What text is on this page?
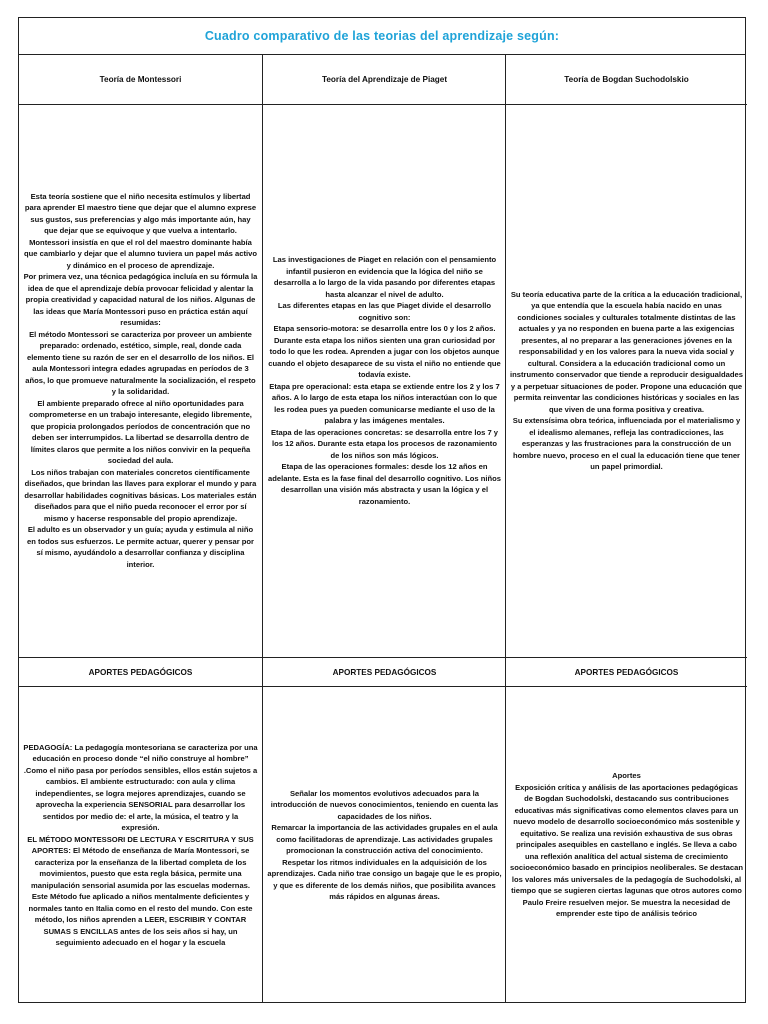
Cuadro comparativo de las teorias del aprendizaje según:
Teoría de Montessori

Esta teoría sostiene que el niño necesita estímulos y libertad para aprender El maestro tiene que dejar que el alumno exprese sus gustos, sus preferencias y algo más importante aún, hay que dejar que se equivoque y que vuelva a intentarlo. Montessori insistía en que el rol del maestro dominante había que cambiarlo y dejar que el alumno tuviera un papel más activo y dinámico en el proceso de aprendizaje.
Por primera vez, una técnica pedagógica incluía en su fórmula la idea de que el aprendizaje debía provocar felicidad y alentar la propia creatividad y capacidad natural de los niños. Algunas de las ideas que María Montessori puso en práctica están aquí resumidas:
El método Montessori se caracteriza por proveer un ambiente preparado: ordenado, estético, simple, real, donde cada elemento tiene su razón de ser en el desarrollo de los niños. El aula Montessori integra edades agrupadas en períodos de 3 años, lo que promueve naturalmente la socialización, el respeto y la solidaridad.
El ambiente preparado ofrece al niño oportunidades para comprometerse en un trabajo interesante, elegido libremente, que propicia prolongados períodos de concentración que no deben ser interrumpidos. La libertad se desarrolla dentro de límites claros que permite a los niños convivir en la pequeña sociedad del aula.
Los niños trabajan con materiales concretos científicamente diseñados, que brindan las llaves para explorar el mundo y para desarrollar habilidades cognitivas básicas. Los materiales están diseñados para que el niño pueda reconocer el error por sí mismo y hacerse responsable del propio aprendizaje.
El adulto es un observador y un guía; ayuda y estimula al niño en todos sus esfuerzos. Le permite actuar, querer y pensar por sí mismo, ayudándolo a desarrollar confianza y disciplina interior.

APORTES PEDAGÓGICOS

PEDAGOGÍA: La pedagogía montesoriana se caracteriza por una educación en proceso donde “el niño construye al hombre” .Como el niño pasa por períodos sensibles, ellos están sujetos a cambios. El ambiente estructurado: con aula y clima independientes, se logra mejores aprendizajes, cuando se aprovecha la experiencia SENSORIAL para desarrollar los sentidos por medio de: el arte, la música, el teatro y la expresión.
EL MÉTODO MONTESSORI DE LECTURA Y ESCRITURA Y SUS APORTES: El Método de enseñanza de María Montessori, se caracteriza por la enseñanza de la libertad completa de los movimientos, puesto que esta regla básica, permite una manipulación sensorial asumida por las escuelas modernas. Este Método fue aplicado a niños mentalmente deficientes y normales tanto en Italia como en el resto del mundo. Con este método, los niños aprenden a LEER, ESCRIBIR Y CONTAR SUMAS S ENCILLAS antes de los seis años si hay, un seguimiento adecuado en el hogar y la escuela

Teoría del Aprendizaje de Piaget

Las investigaciones de Piaget en relación con el pensamiento infantil pusieron en evidencia que la lógica del niño se desarrolla a lo largo de la vida pasando por diferentes etapas hasta alcanzar el nivel de adulto.
Las diferentes etapas en las que Piaget divide el desarrollo cognitivo son:
Etapa sensorio-motora: se desarrolla entre los 0 y los 2 años. Durante esta etapa los niños sienten una gran curiosidad por todo lo que les rodea. Aprenden a jugar con los objetos aunque cuando el objeto desaparece de su vista el niño no entiende que todavía existe.
Etapa pre operacional: esta etapa se extiende entre los 2 y los 7 años. A lo largo de esta etapa los niños interactúan con lo que les rodea pues ya pueden comunicarse mediante el uso de la palabra y las imágenes mentales.
Etapa de las operaciones concretas: se desarrolla entre los 7 y los 12 años. Durante esta etapa los procesos de razonamiento de los niños son más lógicos.
Etapa de las operaciones formales: desde los 12 años en adelante. Esta es la fase final del desarrollo cognitivo. Los niños desarrollan una visión más abstracta y usan la lógica y el razonamiento.

APORTES PEDAGÓGICOS

Señalar los momentos evolutivos adecuados para la introducción de nuevos conocimientos, teniendo en cuenta las capacidades de los niños.
Remarcar la importancia de las actividades grupales en el aula como facilitadoras de aprendizaje. Las actividades grupales promocionan la construcción activa del conocimiento.
Respetar los ritmos individuales en la adquisición de los aprendizajes. Cada niño trae consigo un bagaje que le es propio, y que es diferente de los demás niños, que posibilita avances más rápidos en algunas áreas.

Teoría de Bogdan Suchodolskio

Su teoría educativa parte de la crítica a la educación tradicional, ya que entendía que la escuela había nacido en unas condiciones sociales y culturales totalmente distintas de las actuales y ya no responden en buena parte a las exigencias presentes, al no preparar a las generaciones jóvenes en la responsabilidad y en los valores para la nueva vida social y cultural. Considera a la educación tradicional como un instrumento conservador que tiende a reproducir desigualdades y a perpetuar situaciones de poder. Propone una educación que permita reinventar las condiciones históricas y sociales en las que viven de una forma positiva y creativa.
Su extensísima obra teórica, influenciada por el materialismo y el idealismo alemanes, refleja las contradicciones, las esperanzas y las frustraciones para la construcción de un hombre nuevo, proceso en el cual la educación tiene que tener un papel primordial.

APORTES PEDAGÓGICOS

Aportes
Exposición crítica y análisis de las aportaciones pedagógicas de Bogdan Suchodolski, destacando sus contribuciones educativas más significativas como elementos claves para un nuevo modelo de desarrollo socioeconómico más sostenible y equitativo. Se realiza una revisión exhaustiva de sus obras principales asequibles en castellano e inglés. Se lleva a cabo una reflexión analítica del actual sistema de crecimiento socioeconómico basado en principios neoliberales. Se destacan los valores más universales de la pedagogía de Suchodolski, al tiempo que se sugieren ciertas lagunas que otros autores como Paulo Freire resuelven mejor. Se muestra la necesidad de emprender este tipo de análisis teórico
